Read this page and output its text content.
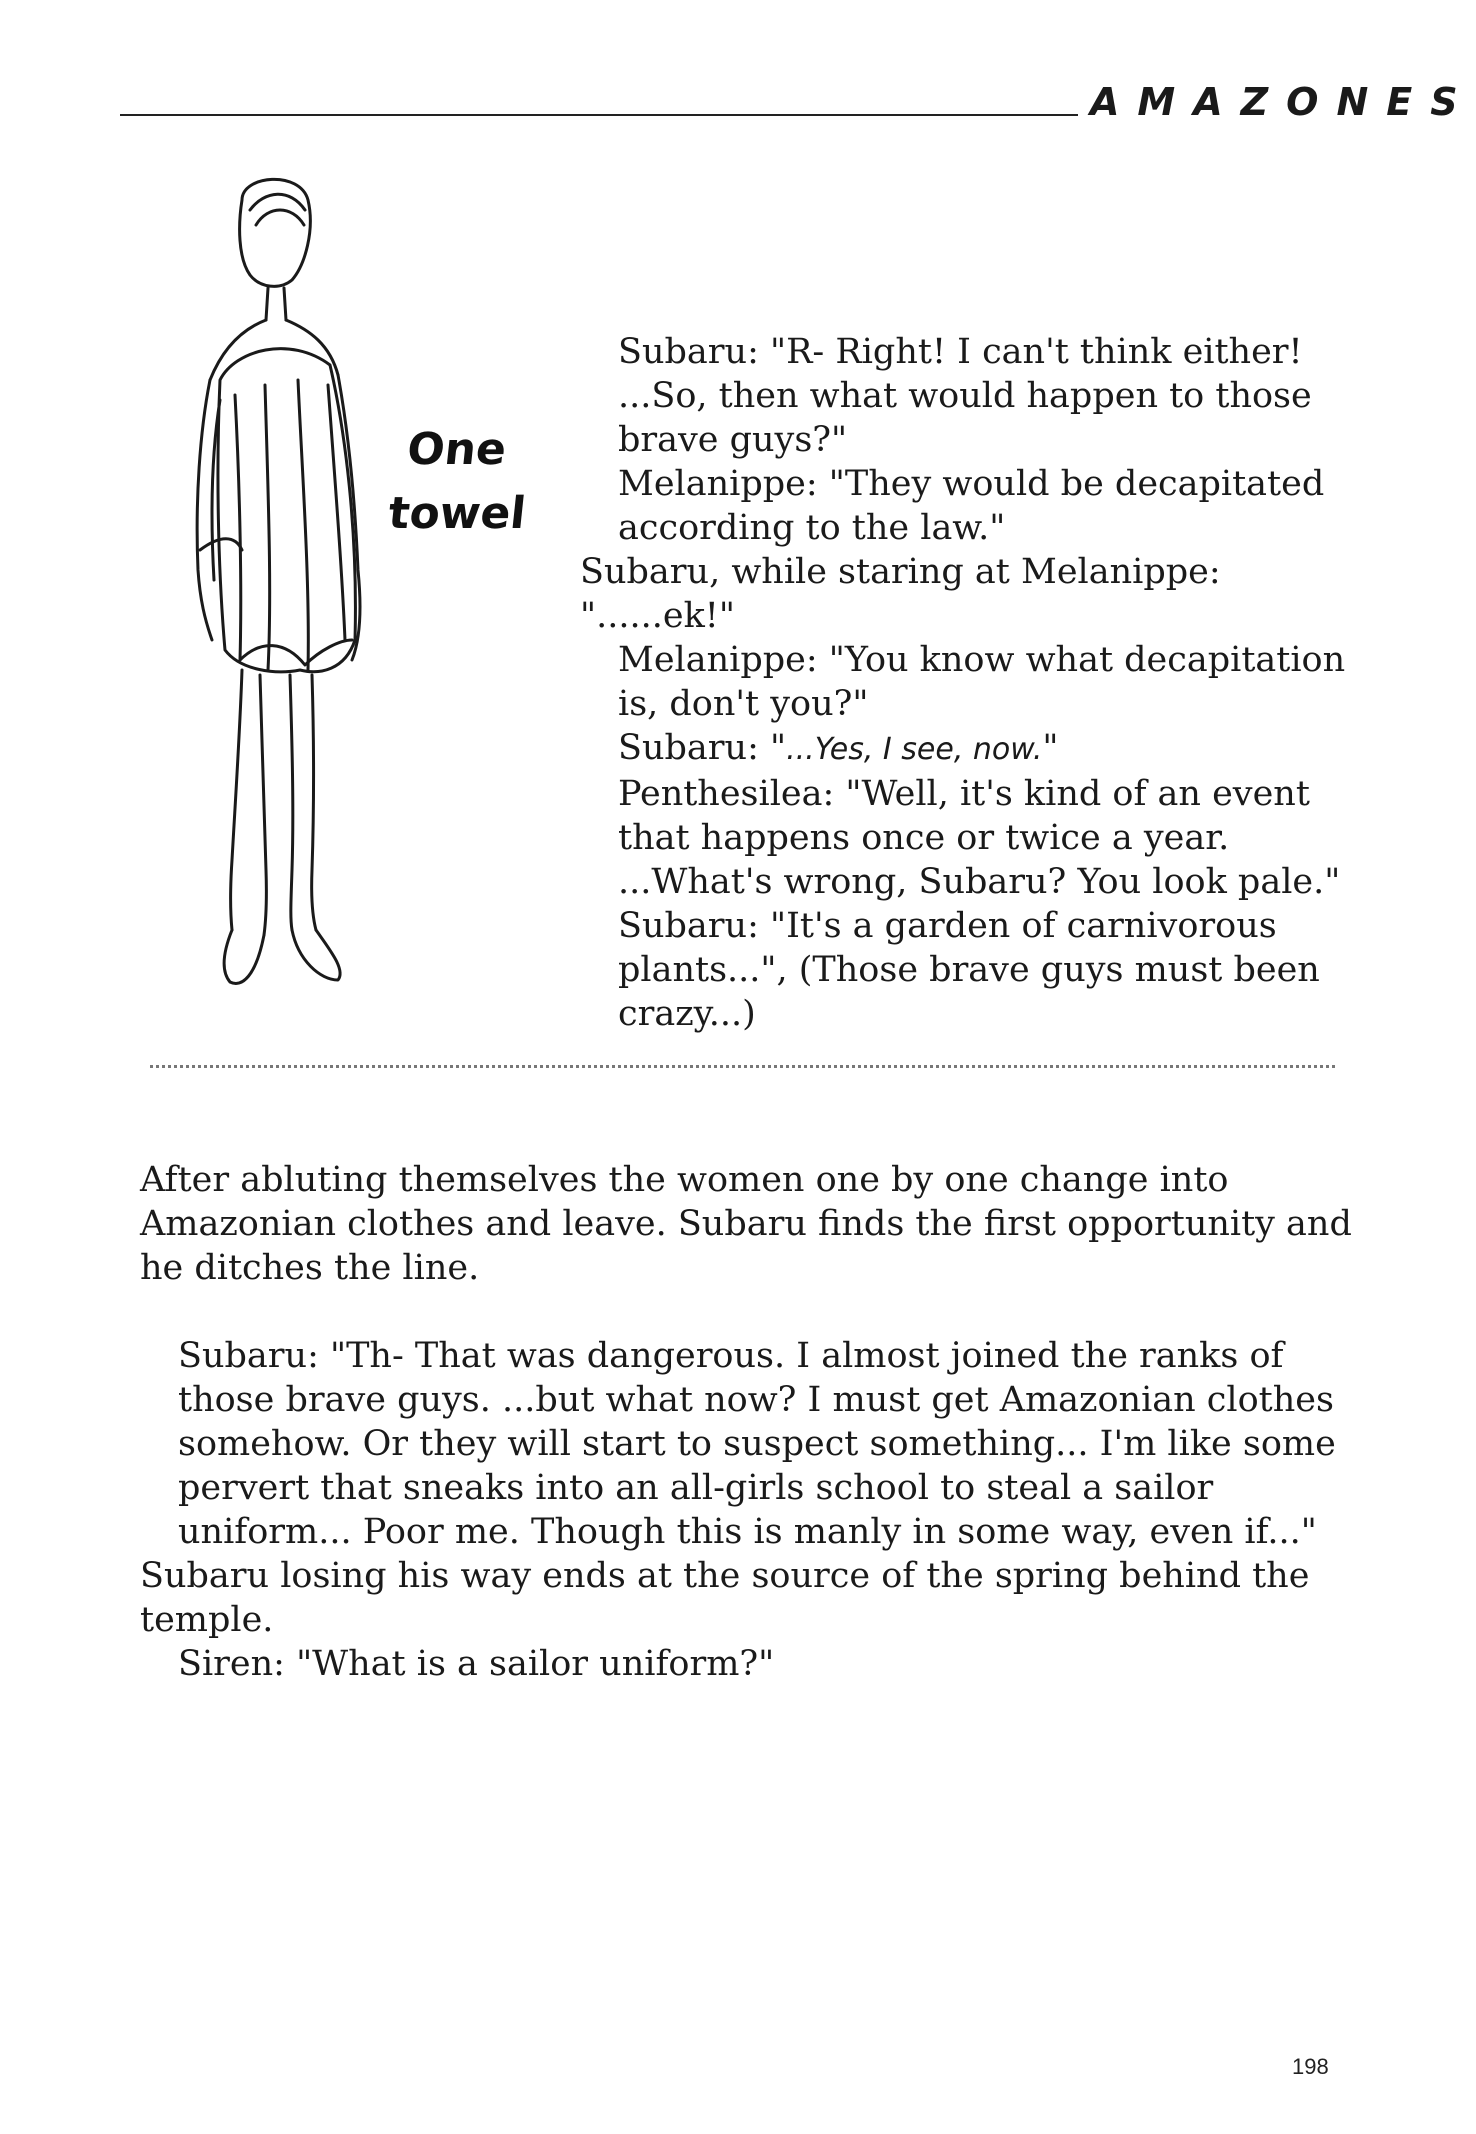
AMAZONES
One
towel

Subaru: "R- Right! I can't think either! ...So, then what would happen to those brave guys?"

Melanippe: "They would be decapitated according to the law."

Subaru, while staring at Melanippe: "......ek!"

Melanippe: "You know what decapitation is, don't you?"

Subaru: "...Yes, I see, now."

Penthesilea: "Well, it's kind of an event that happens once or twice a year. ...What's wrong, Subaru? You look pale."

Subaru: "It's a garden of carnivorous plants...", (Those brave guys must been crazy...)

After abluting themselves the women one by one change into Amazonian clothes and leave. Subaru finds the first opportunity and he ditches the line.

Subaru: "Th- That was dangerous. I almost joined the ranks of those brave guys. ...but what now? I must get Amazonian clothes somehow. Or they will start to suspect something... I'm like some pervert that sneaks into an all-girls school to steal a sailor uniform... Poor me. Though this is manly in some way, even if..."

Subaru losing his way ends at the source of the spring behind the temple.

Siren: "What is a sailor uniform?"

198
